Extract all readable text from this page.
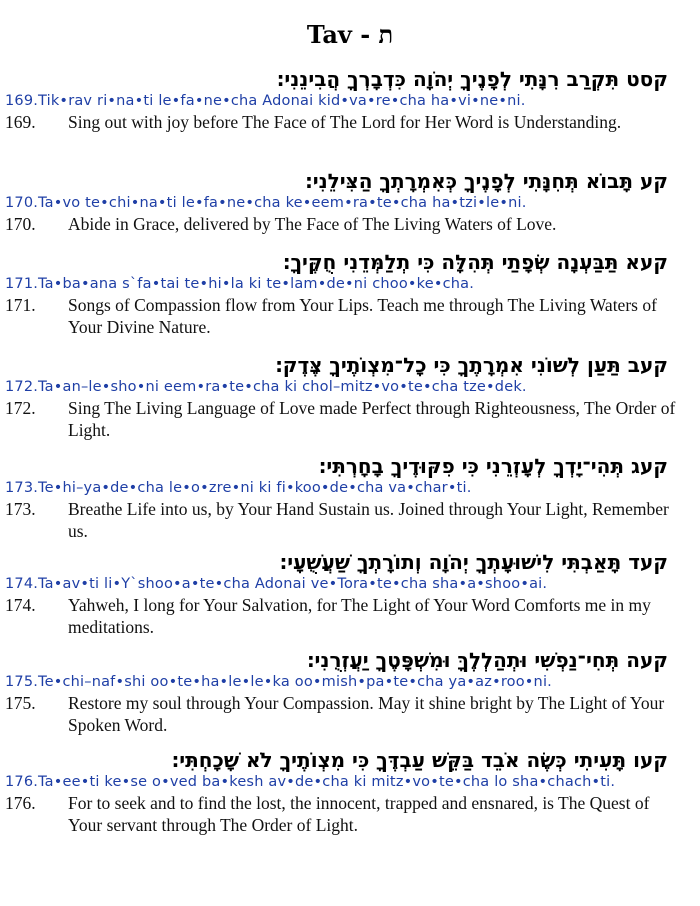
Tav - ת
קסט תִּקְרַב רִנָּתִי לְפָנֶיךָ יְהֹוָה כִּדְבָרְךָ הֲבִינֵנִי׃
169.Tik•rav ri•na•ti le•fa•ne•cha Adonai kid•va•re•cha ha•vi•ne•ni.
169. Sing out with joy before The Face of The Lord for Her Word is Understanding.
קע תָּבוֹא תְּחִנָּתִי לְפָנֶיךָ כְּאִמְרָתְךָ הַצִּילֵנִי׃
170.Ta•vo te•chi•na•ti le•fa•ne•cha ke•eem•ra•te•cha ha•tzi•le•ni.
170. Abide in Grace, delivered by The Face of The Living Waters of Love.
קעא תַּבַּעְנָה שְׂפָתַי תְּהִלָּה כִּי תְלַמְּדֵנִי חֻקֶּיךָ׃
171.Ta•ba•ana s`fa•tai te•hi•la ki te•lam•de•ni choo•ke•cha.
171. Songs of Compassion flow from Your Lips. Teach me through The Living Waters of Your Divine Nature.
קעב תַּעַן לְשׁוֹנִי אִמְרָתֶךָ כִּי כָל־מִצְוֺתֶיךָ צֶּדֶק׃
172.Ta•an–le•sho•ni eem•ra•te•cha ki chol–mitz•vo•te•cha tze•dek.
172. Sing The Living Language of Love made Perfect through Righteousness, The Order of Light.
קעג תְּהִי־יָדְךָ לְעָזְרֵנִי כִּי פִקּוּדֶיךָ בָחָרְתִּי׃
173.Te•hi–ya•de•cha le•o•zre•ni ki fi•koo•de•cha va•char•ti.
173. Breathe Life into us, by Your Hand Sustain us. Joined through Your Light, Remember us.
קעד תָּאַבְתִּי לִישׁוּעָתְךָ יְהֹוָה וְתוֹרָתְךָ שַׁעֲשֻׁעָי׃
174.Ta•av•ti li•Y`shoo•a•te•cha Adonai ve•Tora•te•cha sha•a•shoo•ai.
174. Yahweh, I long for Your Salvation, for The Light of Your Word Comforts me in my meditations.
קעה תְּחִי־נַפְשִׁי וּתְהַלְלֶךָּ וּמִשְׁפָּטֶךָ יַעֲזְרֻנִי׃
175.Te•chi–naf•shi oo•te•ha•le•le•ka oo•mish•pa•te•cha ya•az•roo•ni.
175. Restore my soul through Your Compassion. May it shine bright by The Light of Your Spoken Word.
קעו תָּעִיתִי כְּשֶׂה אֹבֵד בַּקֵּשׁ עַבְדֶּךָ כִּי מִצְוֺתֶיךָ לֹא שָׁכָחְתִּי׃
176.Ta•ee•ti ke•se o•ved ba•kesh av•de•cha ki mitz•vo•te•cha lo sha•chach•ti.
176. For to seek and to find the lost, the innocent, trapped and ensnared, is The Quest of Your servant through The Order of Light.
